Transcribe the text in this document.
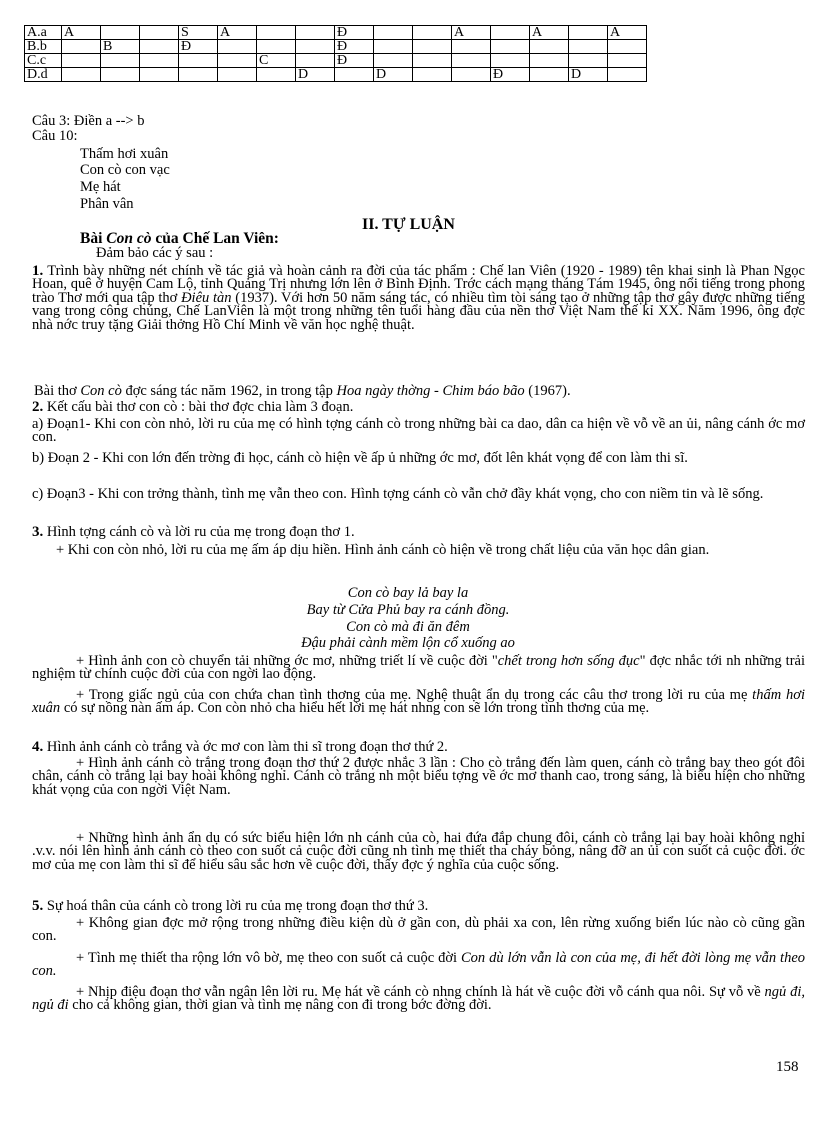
A.a	A			S	A			Đ			A		A		A
B.b		B		Đ				Đ							
C.c						C		Đ							
D.d							D		D			Đ		D	
Câu 3: Điền a --> b
Câu 10:
Thấm hơi xuân
Con cò con vạc
Mẹ hát
Phân vân
II. TỰ LUẬN
Bài Con cò của Chế Lan Viên:
Đảm bảo các ý sau :
1. Trình bày những nét chính về tác giả và hoàn cảnh ra đời của tác phẩm : Chế lan Viên (1920 - 1989) tên khai sinh là Phan Ngọc Hoan, quê ở huyện Cam Lộ, tỉnh Quảng Trị nhưng lớn lên ở Bình Định. Trớc cách mạng tháng Tám 1945, ông nổi tiếng trong phong trào Thơ mới qua tập thơ Điêu tàn (1937). Với hơn 50 năm sáng tác, có nhiều tìm tòi sáng tạo ở những tập thơ gây được những tiếng vang trong công chúng, Chế LanViên là một trong những tên tuổi hàng đầu của nền thơ Việt Nam thế kỉ XX. Năm 1996, ông đợc nhà nớc truy tặng Giải thởng Hồ Chí Minh về văn học nghệ thuật.
Bài thơ Con cò đợc sáng tác năm 1962, in trong tập Hoa ngày thờng - Chim báo bão (1967).
2. Kết cấu bài thơ con cò : bài thơ đợc chia làm 3 đoạn.
a) Đoạn1- Khi con còn nhỏ, lời ru của mẹ có hình tợng cánh cò trong những bài ca dao, dân ca hiện về vỗ về an ủi, nâng cánh ớc mơ con.
b) Đoạn 2 - Khi con lớn đến trờng đi học, cánh cò hiện về ấp ủ những ớc mơ, đốt lên khát vọng để con làm thi sĩ.
c) Đoạn3 - Khi con trởng thành, tình mẹ vẫn theo con. Hình tợng cánh cò vẫn chở đầy khát vọng, cho con niềm tin và lẽ sống.
3. Hình tợng cánh cò và lời ru của mẹ trong đoạn thơ 1.
+ Khi con còn nhỏ, lời ru của mẹ ấm áp dịu hiền. Hình ảnh cánh cò hiện về trong chất liệu của văn học dân gian.
Con cò bay lả bay la
Bay từ Cửa Phủ bay ra cánh đồng.
Con cò mà đi ăn đêm
Đậu phải cành mềm lộn cổ xuống ao
+ Hình ảnh con cò chuyển tải những ớc mơ, những triết lí về cuộc đời "chết trong hơn sống đục" đợc nhắc tới nh những trải nghiệm từ chính cuộc đời của con ngời lao động.
+ Trong giấc ngủ của con chứa chan tình thơng của mẹ. Nghệ thuật ẩn dụ trong các câu thơ trong lời ru của mẹ thấm hơi xuân có sự nồng nàn ấm áp. Con còn nhỏ cha hiểu hết lời mẹ hát nhng con sẽ lớn trong tình thơng của mẹ.
4. Hình ảnh cánh cò trắng và ớc mơ con làm thi sĩ trong đoạn thơ thứ 2.
+ Hình ảnh cánh cò trắng trong đoạn thơ thứ 2 được nhắc 3 lần : Cho cò trắng đến làm quen, cánh cò trắng bay theo gót đôi chân, cánh cò trắng lại bay hoài không nghỉ. Cánh cò trắng nh một biểu tợng về ớc mơ thanh cao, trong sáng, là biểu hiện cho những khát vọng của con ngời Việt Nam.
+ Những hình ảnh ẩn dụ có sức biểu hiện lớn nh cánh của cò, hai đứa đắp chung đôi, cánh cò trắng lại bay hoài không nghỉ .v.v. nói lên hình ảnh cánh cò theo con suốt cả cuộc đời cũng nh tình mẹ thiết tha cháy bỏng, nâng đỡ an ủi con suốt cả cuộc đời. ớc mơ của mẹ con làm thi sĩ để hiểu sâu sắc hơn về cuộc đời, thấy đợc ý nghĩa của cuộc sống.
5. Sự hoá thân của cánh cò trong lời ru của mẹ trong đoạn thơ thứ 3.
+ Không gian đợc mở rộng trong những điều kiện dù ở gần con, dù phải xa con, lên rừng xuống biển lúc nào cò cũng gần con.
+ Tình mẹ thiết tha rộng lớn vô bờ, mẹ theo con suốt cả cuộc đời Con dù lớn vẫn là con của mẹ, đi hết đời lòng mẹ vẫn theo con.
+ Nhịp điệu đoạn thơ vẫn ngân lên lời ru. Mẹ hát về cánh cò nhng chính là hát về cuộc đời vỗ cánh qua nôi. Sự vỗ về ngủ đi, ngủ đi cho cả không gian, thời gian và tình mẹ nâng con đi trong bớc đờng đời.
158
